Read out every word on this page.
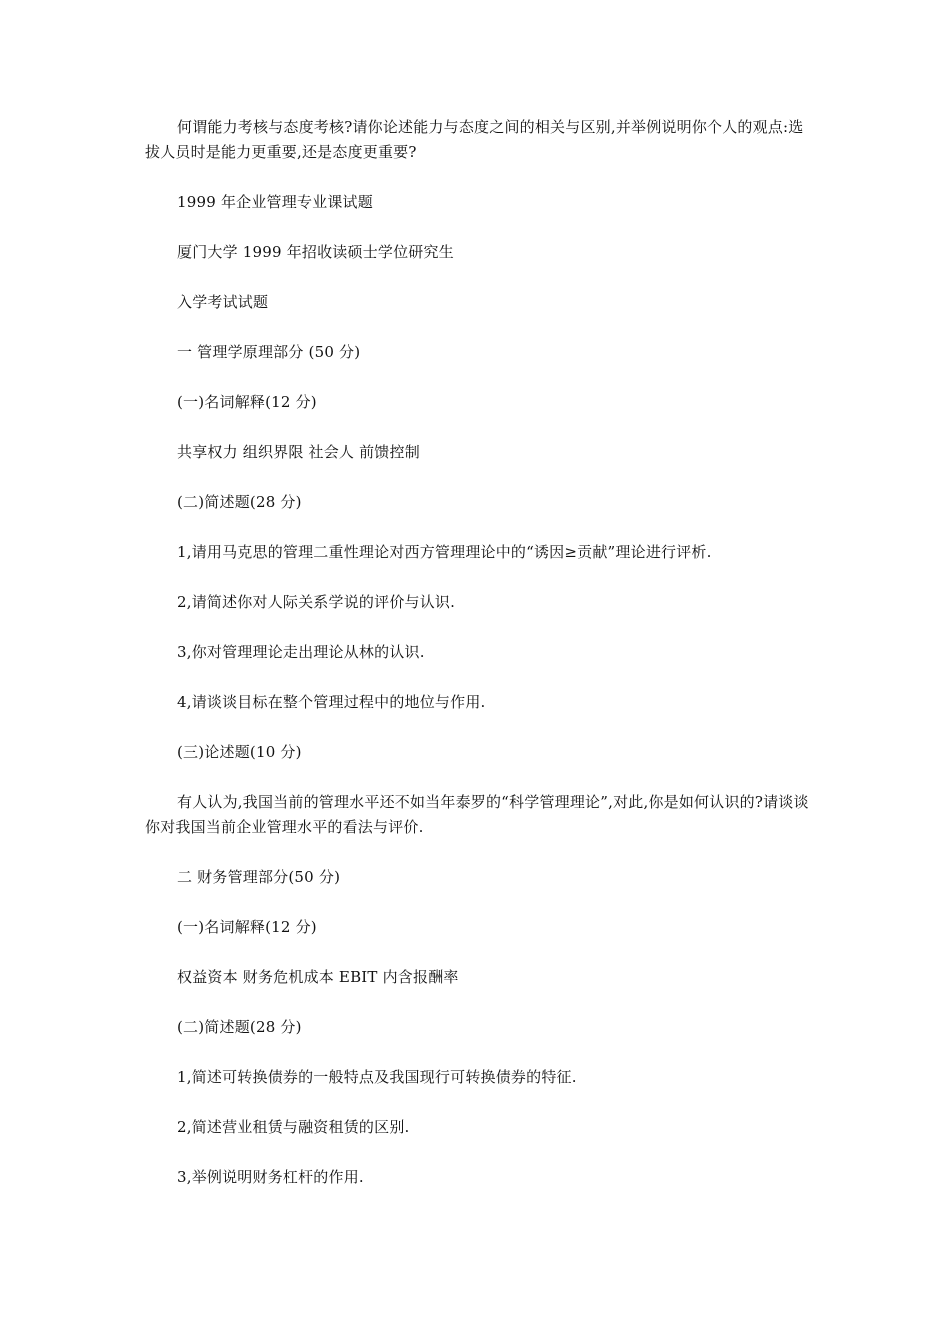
何谓能力考核与态度考核?请你论述能力与态度之间的相关与区别,并举例说明你个人的观点:选拔人员时是能力更重要,还是态度更重要?

1999 年企业管理专业课试题

厦门大学 1999 年招收读硕士学位研究生

入学考试试题

一 管理学原理部分 (50 分)

(一)名词解释(12 分)

共享权力 组织界限 社会人 前馈控制

(二)简述题(28 分)

1,请用马克思的管理二重性理论对西方管理理论中的“诱因≥贡献”理论进行评析.

2,请简述你对人际关系学说的评价与认识.

3,你对管理理论走出理论从林的认识.

4,请谈谈目标在整个管理过程中的地位与作用.

(三)论述题(10 分)

有人认为,我国当前的管理水平还不如当年泰罗的“科学管理理论”,对此,你是如何认识的?请谈谈你对我国当前企业管理水平的看法与评价.

二 财务管理部分(50 分)

(一)名词解释(12 分)

权益资本 财务危机成本 EBIT 内含报酬率

(二)简述题(28 分)

1,简述可转换债券的一般特点及我国现行可转换债券的特征.

2,简述营业租赁与融资租赁的区别.

3,举例说明财务杠杆的作用.
